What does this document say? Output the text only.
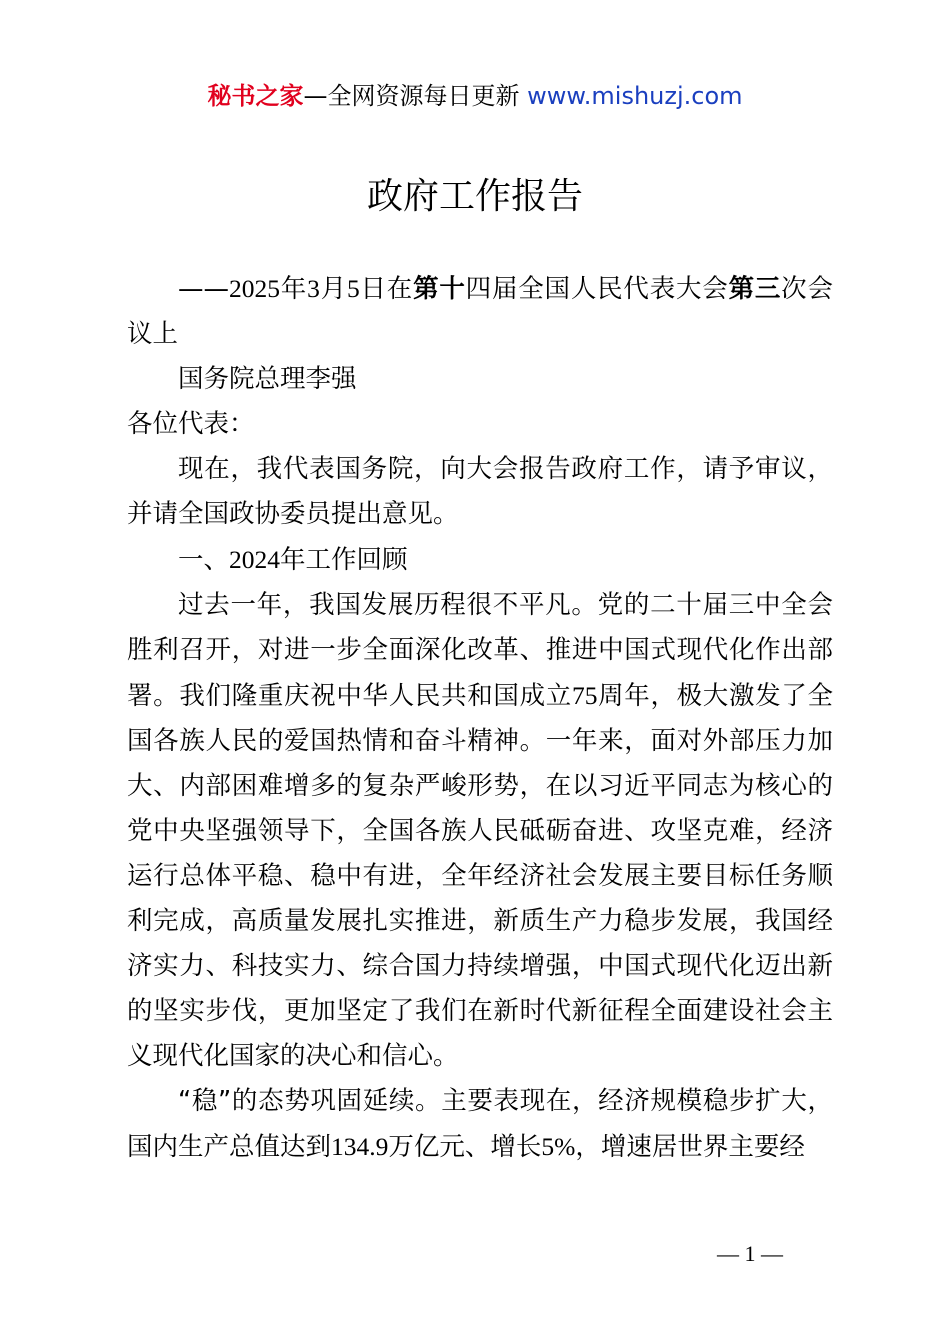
秘书之家—全网资源每日更新 www.mishuzj.com
政府工作报告

——2025年3月5日在第十四届全国人民代表大会第三次会议上

国务院总理李强

各位代表：

现在，我代表国务院，向大会报告政府工作，请予审议，并请全国政协委员提出意见。

一、2024年工作回顾

过去一年，我国发展历程很不平凡。党的二十届三中全会胜利召开，对进一步全面深化改革、推进中国式现代化作出部署。我们隆重庆祝中华人民共和国成立75周年，极大激发了全国各族人民的爱国热情和奋斗精神。一年来，面对外部压力加大、内部困难增多的复杂严峻形势，在以习近平同志为核心的党中央坚强领导下，全国各族人民砥砺奋进、攻坚克难，经济运行总体平稳、稳中有进，全年经济社会发展主要目标任务顺利完成，高质量发展扎实推进，新质生产力稳步发展，我国经济实力、科技实力、综合国力持续增强，中国式现代化迈出新的坚实步伐，更加坚定了我们在新时代新征程全面建设社会主义现代化国家的决心和信心。

“稳”的态势巩固延续。主要表现在，经济规模稳步扩大，国内生产总值达到134.9万亿元、增长5%，增速居世界主要经

— 1 —
